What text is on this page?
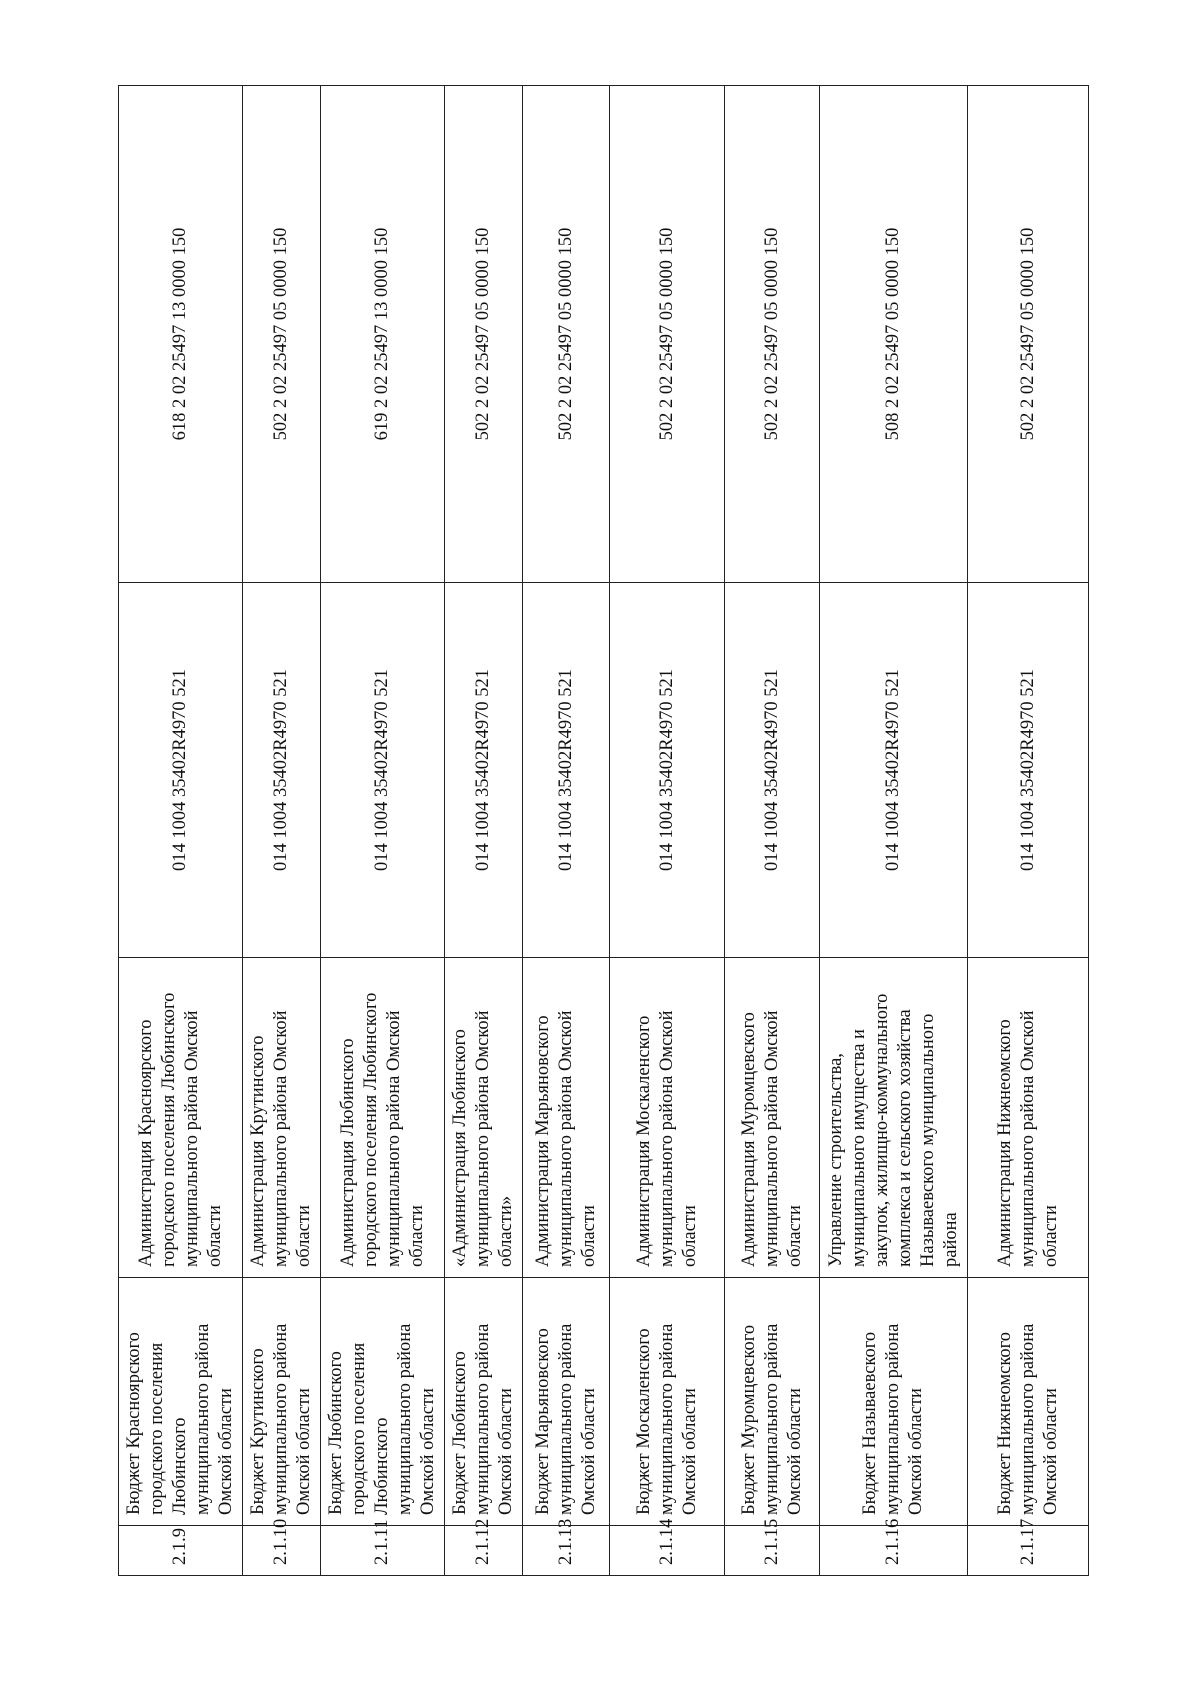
2.1.9	Бюджет Красноярского городского поселения Любинского муниципального района Омской области	Администрация Красноярского городского поселения Любинского муниципального района Омской области	014 1004 35402R4970 521	618 2 02 25497 13 0000 150
2.1.10	Бюджет Крутинского муниципального района Омской области	Администрация Крутинского муниципального района Омской области	014 1004 35402R4970 521	502 2 02 25497 05 0000 150
2.1.11	Бюджет Любинского городского поселения Любинского муниципального района Омской области	Администрация Любинского городского поселения Любинского муниципального района Омской области	014 1004 35402R4970 521	619 2 02 25497 13 0000 150
2.1.12	Бюджет Любинского муниципального района Омской области	«Администрация Любинского муниципального района Омской области»	014 1004 35402R4970 521	502 2 02 25497 05 0000 150
2.1.13	Бюджет Марьяновского муниципального района Омской области	Администрация Марьяновского муниципального района Омской области	014 1004 35402R4970 521	502 2 02 25497 05 0000 150
2.1.14	Бюджет Москаленского муниципального района Омской области	Администрация Москаленского муниципального района Омской области	014 1004 35402R4970 521	502 2 02 25497 05 0000 150
2.1.15	Бюджет Муромцевского муниципального района Омской области	Администрация Муромцевского муниципального района Омской области	014 1004 35402R4970 521	502 2 02 25497 05 0000 150
2.1.16	Бюджет Называевского муниципального района Омской области	Управление строительства, муниципального имущества и закупок, жилищно-коммунального комплекса и сельского хозяйства Называевского муниципального района	014 1004 35402R4970 521	508 2 02 25497 05 0000 150
2.1.17	Бюджет Нижнеомского муниципального района Омской области	Администрация Нижнеомского муниципального района Омской области	014 1004 35402R4970 521	502 2 02 25497 05 0000 150
